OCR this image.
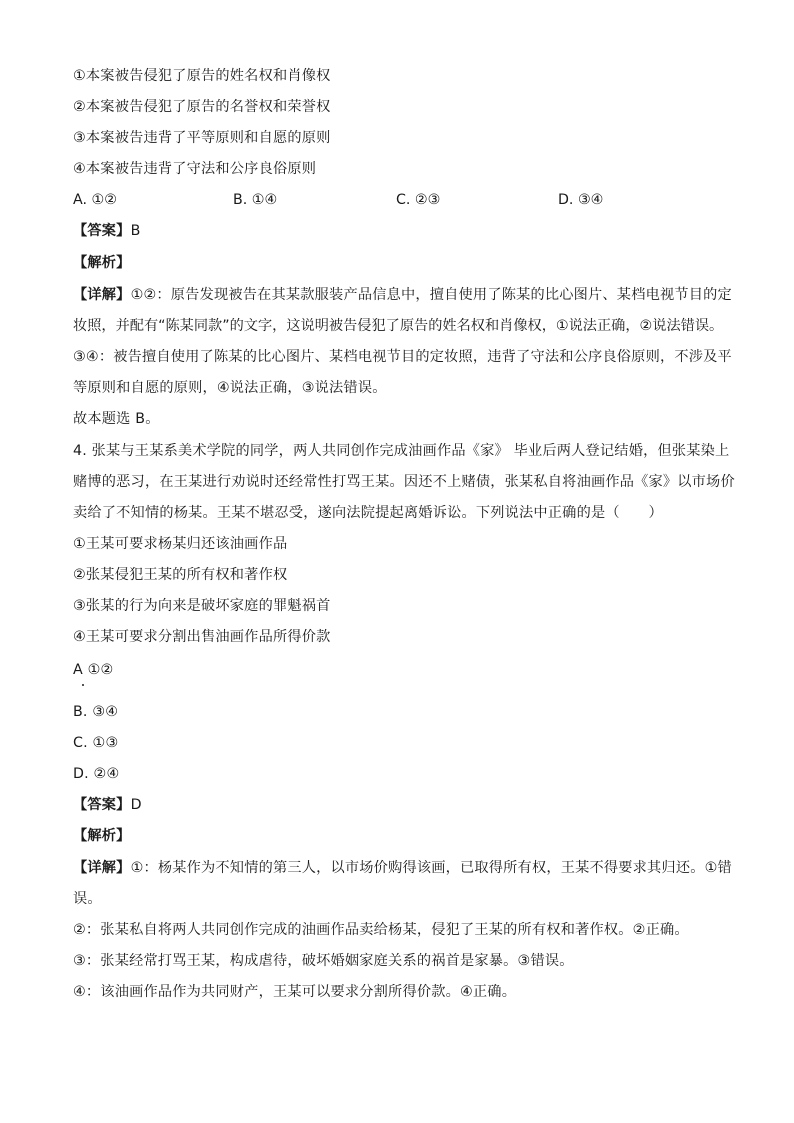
①本案被告侵犯了原告的姓名权和肖像权
②本案被告侵犯了原告的名誉权和荣誉权
③本案被告违背了平等原则和自愿的原则
④本案被告违背了守法和公序良俗原则
A. ①②	B. ①④	C. ②③	D. ③④
【答案】B
【解析】
【详解】①②：原告发现被告在其某款服装产品信息中，擅自使用了陈某的比心图片、某档电视节目的定
妆照，并配有“陈某同款”的文字，这说明被告侵犯了原告的姓名权和肖像权，①说法正确，②说法错误。
③④：被告擅自使用了陈某的比心图片、某档电视节目的定妆照，违背了守法和公序良俗原则，不涉及平
等原则和自愿的原则，④说法正确，③说法错误。
故本题选 B。
4. 张某与王某系美术学院的同学，两人共同创作完成油画作品《家》 毕业后两人登记结婚，但张某染上
赌博的恶习，在王某进行劝说时还经常性打骂王某。因还不上赌债，张某私自将油画作品《家》以市场价
卖给了不知情的杨某。王某不堪忍受，遂向法院提起离婚诉讼。下列说法中正确的是（　　）
①王某可要求杨某归还该油画作品
②张某侵犯王某的所有权和著作权
③张某的行为向来是破坏家庭的罪魁祸首
④王某可要求分割出售油画作品所得价款
A ①②
B. ③④
C. ①③
D. ②④
【答案】D
【解析】
【详解】①：杨某作为不知情的第三人，以市场价购得该画，已取得所有权，王某不得要求其归还。①错
误。
②：张某私自将两人共同创作完成的油画作品卖给杨某，侵犯了王某的所有权和著作权。②正确。
③：张某经常打骂王某，构成虐待，破坏婚姻家庭关系的祸首是家暴。③错误。
④：该油画作品作为共同财产，王某可以要求分割所得价款。④正确。
